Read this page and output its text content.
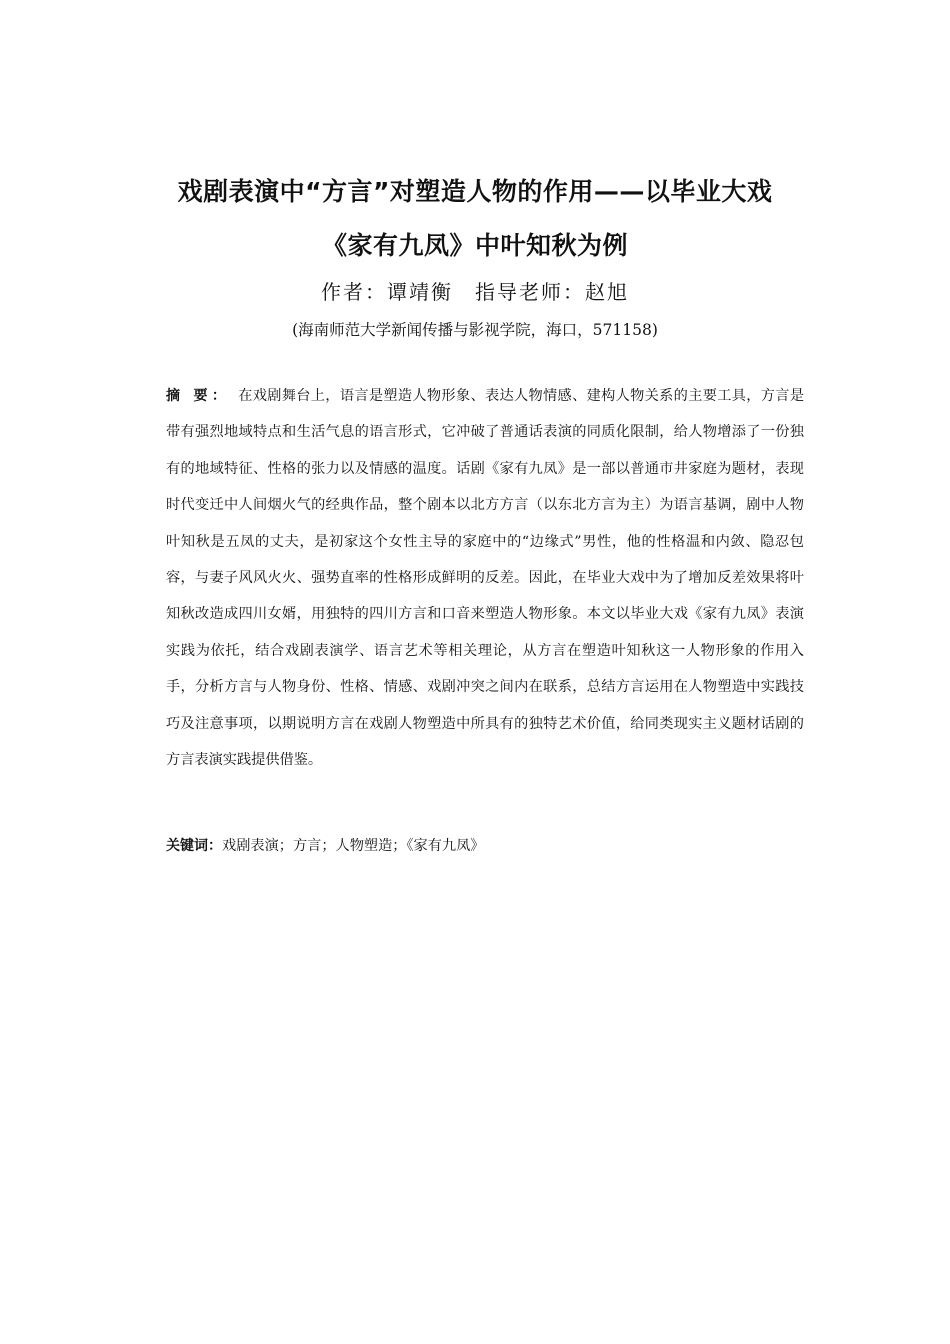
戏剧表演中“方言”对塑造人物的作用——以毕业大戏
《家有九凤》中叶知秋为例
作者：谭靖衡　指导老师：赵旭
(海南师范大学新闻传播与影视学院，海口，571158)
摘 要： 在戏剧舞台上，语言是塑造人物形象、表达人物情感、建构人物关系的主要工具，方言是带有强烈地域特点和生活气息的语言形式，它冲破了普通话表演的同质化限制，给人物增添了一份独有的地域特征、性格的张力以及情感的温度。话剧《家有九凤》是一部以普通市井家庭为题材，表现时代变迁中人间烟火气的经典作品，整个剧本以北方方言（以东北方言为主）为语言基调，剧中人物叶知秋是五凤的丈夫，是初家这个女性主导的家庭中的“边缘式”男性，他的性格温和内敛、隐忍包容，与妻子风风火火、强势直率的性格形成鲜明的反差。因此，在毕业大戏中为了增加反差效果将叶知秋改造成四川女婿，用独特的四川方言和口音来塑造人物形象。本文以毕业大戏《家有九凤》表演实践为依托，结合戏剧表演学、语言艺术等相关理论，从方言在塑造叶知秋这一人物形象的作用入手，分析方言与人物身份、性格、情感、戏剧冲突之间内在联系，总结方言运用在人物塑造中实践技巧及注意事项，以期说明方言在戏剧人物塑造中所具有的独特艺术价值，给同类现实主义题材话剧的方言表演实践提供借鉴。
关键词：戏剧表演；方言；人物塑造；《家有九凤》
